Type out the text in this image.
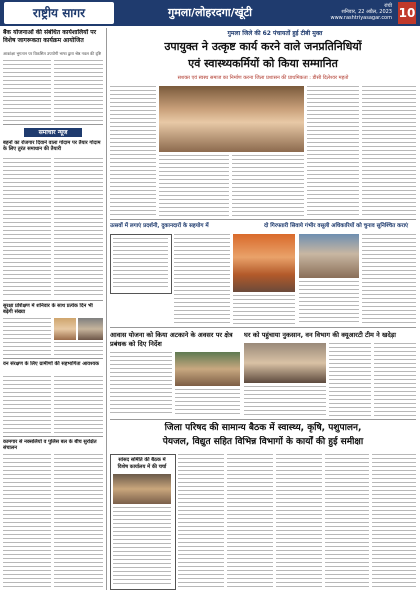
राष्ट्रीय सागर	गुमला/लोहरदगा/खूंटी	रांची
शनिवार, 22 अप्रैल, 2023
www.rashtriyasagar.com 10
बैंक योजनाओं की संबंधित कार्यशालियों पर विशेष जागरूकता कार्यक्रम आयोजित
आकांक्षा भुगतान पर विकसित उपयोगी भाषा द्वारा श्रेष्ठ नवल की दृष्टि
समाचार न्यूज
बहनों का रोजगार दिवाने वाला गोदाम पर तैयार गोदाम के लिए तुरंत समाधान की तैयारी
सुरक्षा प्रशिक्षण में शनिवार के साथ प्रत्येक दिन भी बढ़ेगी संख्या
वन संरक्षण के लिए ग्रामीणों की सहभागिता आवश्यक
कामगार से नक्सलियों व पुलिस बल के बीच सुरक्षित संचालन
गुमला जिले की 62 पंचायतों हुई टीबी मुक्त
उपायुक्त ने उत्कृष्ट कार्य करने वाले जनप्रतिनिधियों
एवं स्वास्थ्यकर्मियों को किया सम्मानित
सशक्त एवं स्वस्थ समाज का निर्माण करना जिला प्रशासन की प्राथमिकता : डीसी दिलेश्वर महतो
उत्सवों में लगाएं प्रदर्शनी, दुकानदारों के सहयोग में	दो गिरफ्तारी सिवाये गंभीर वसूली अधिकारियों को चुनाव सुनिश्चित कराएं
आवास योजना को किया अटकाने के अवसर पर क्षेत्र प्रबंधक को दिए निर्देश
घर को पहुंचाया नुकसान, वन विभाग की क्यूआरटी टीम ने खदेड़ा
जिला परिषद की सामान्य बैठक में स्वास्थ्य, कृषि, पशुपालन,
पेयजल, विद्युत सहित विभिन्न विभागों के कार्यों की हुई समीक्षा
सांसद समिति की बैठक में विशेष कार्यालय में की चर्चा
